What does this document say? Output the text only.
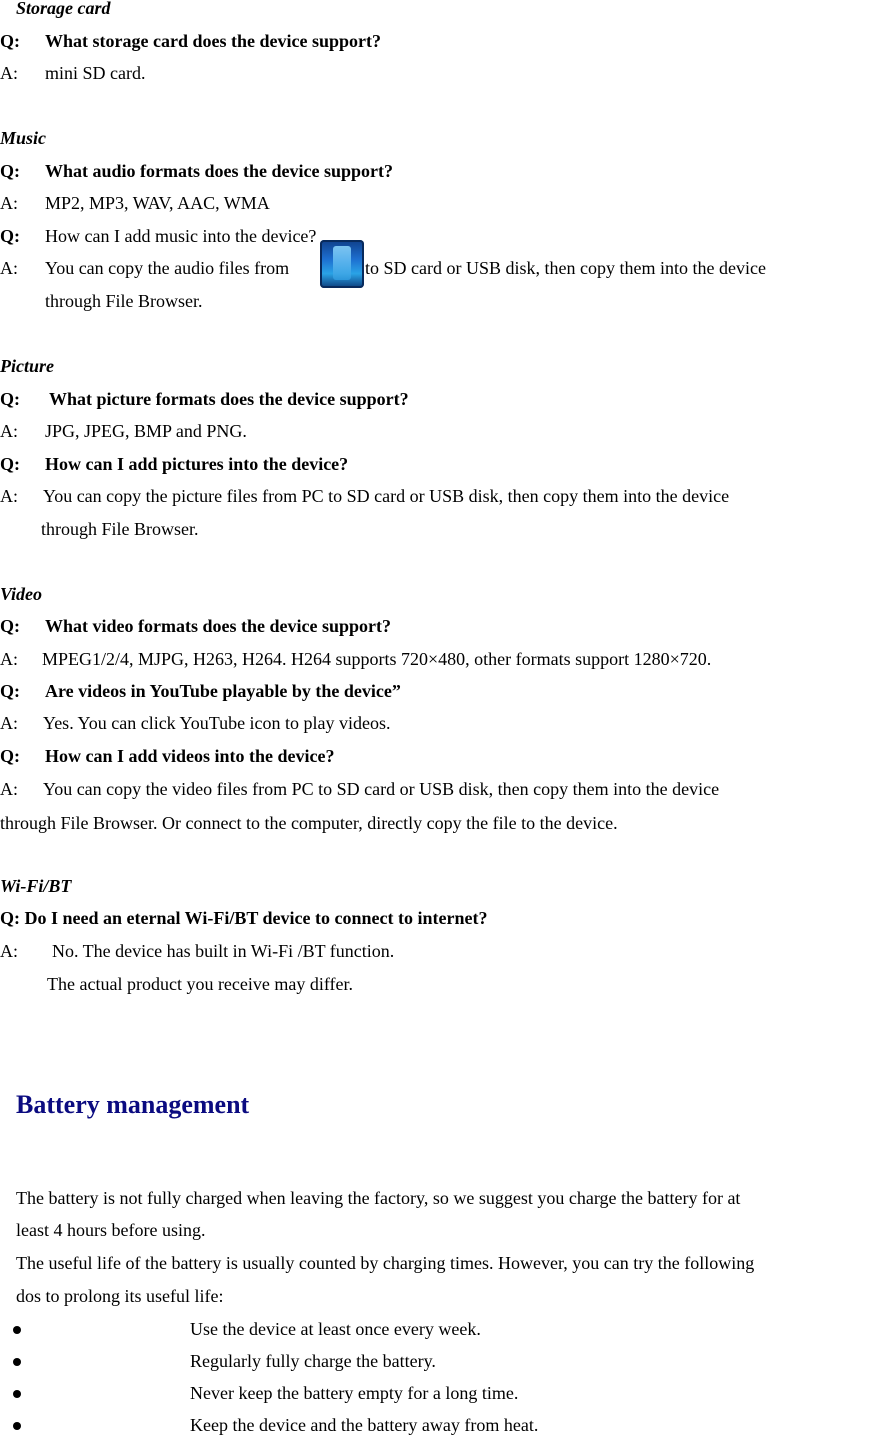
Storage card
Q: What storage card does the device support?
A: mini SD card.
Music
Q: What audio formats does the device support?
A: MP2, MP3, WAV, AAC, WMA
Q: How can I add music into the device?
A: You can copy the audio files from	to SD card or USB disk, then copy them into the device
through File Browser.
Picture
Q: What picture formats does the device support?
A: JPG, JPEG, BMP and PNG.
Q: How can I add pictures into the device?
A: You can copy the picture files from PC to SD card or USB disk, then copy them into the device
through File Browser.
Video
Q: What video formats does the device support?
A: MPEG1/2/4, MJPG, H263, H264. H264 supports 720×480, other formats support 1280×720.
Q: Are videos in YouTube playable by the device”
A: Yes. You can click YouTube icon to play videos.
Q: How can I add videos into the device?
A: You can copy the video files from PC to SD card or USB disk, then copy them into the device
through File Browser. Or connect to the computer, directly copy the file to the device.
Wi-Fi/BT
Q: Do I need an eternal Wi-Fi/BT device to connect to internet?
A: No. The device has built in Wi-Fi /BT function.
The actual product you receive may differ.
Battery management
The battery is not fully charged when leaving the factory, so we suggest you charge the battery for at
least 4 hours before using.
The useful life of the battery is usually counted by charging times. However, you can try the following
dos to prolong its useful life:
Use the device at least once every week.
Regularly fully charge the battery.
Never keep the battery empty for a long time.
Keep the device and the battery away from heat.
